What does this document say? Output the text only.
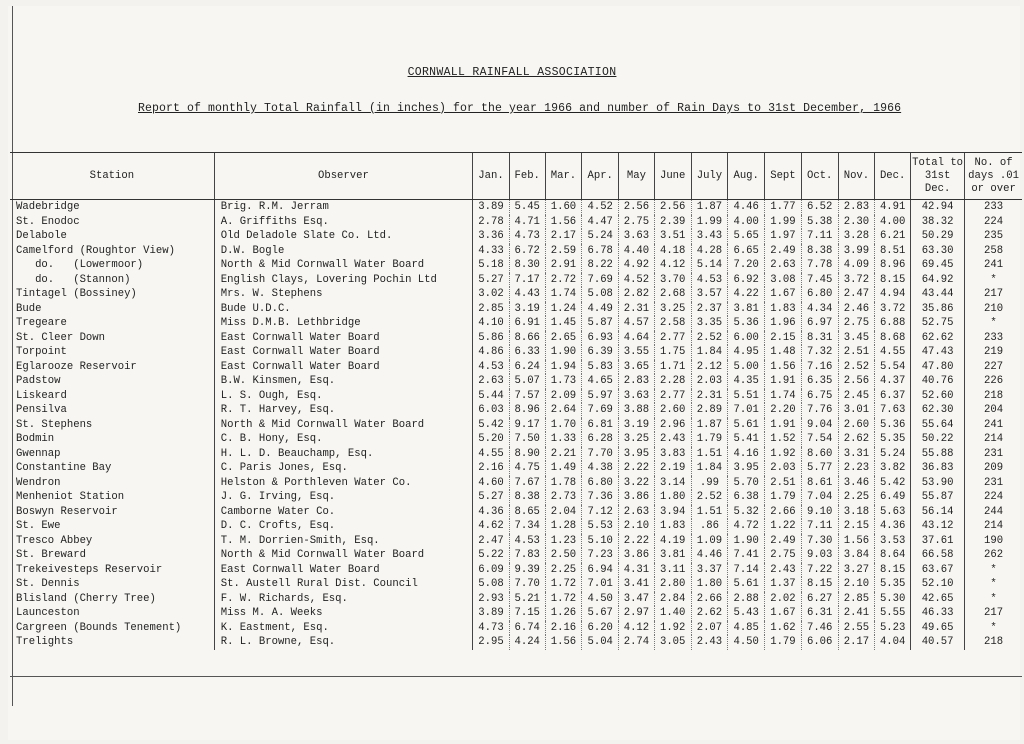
CORNWALL RAINFALL ASSOCIATION
Report of monthly Total Rainfall (in inches) for the year 1966 and number of Rain Days to 31st December, 1966
Station	Observer	Jan.	Feb.	Mar.	Apr.	May	June	July	Aug.	Sept	Oct.	Nov.	Dec.	Total to 31st Dec.	No. of days .01 or over
Wadebridge	Brig. R.M. Jerram	3.89	5.45	1.60	4.52	2.56	2.56	1.87	4.46	1.77	6.52	2.83	4.91	42.94	233
St. Enodoc	A. Griffiths Esq.	2.78	4.71	1.56	4.47	2.75	2.39	1.99	4.00	1.99	5.38	2.30	4.00	38.32	224
Delabole	Old Deladole Slate Co. Ltd.	3.36	4.73	2.17	5.24	3.63	3.51	3.43	5.65	1.97	7.11	3.28	6.21	50.29	235
Camelford (Roughtor View)	D.W. Bogle	4.33	6.72	2.59	6.78	4.40	4.18	4.28	6.65	2.49	8.38	3.99	8.51	63.30	258
do.   (Lowermoor)	North & Mid Cornwall Water Board	5.18	8.30	2.91	8.22	4.92	4.12	5.14	7.20	2.63	7.78	4.09	8.96	69.45	241
do.   (Stannon)	English Clays, Lovering Pochin Ltd	5.27	7.17	2.72	7.69	4.52	3.70	4.53	6.92	3.08	7.45	3.72	8.15	64.92	*
Tintagel (Bossiney)	Mrs. W. Stephens	3.02	4.43	1.74	5.08	2.82	2.68	3.57	4.22	1.67	6.80	2.47	4.94	43.44	217
Bude	Bude U.D.C.	2.85	3.19	1.24	4.49	2.31	3.25	2.37	3.81	1.83	4.34	2.46	3.72	35.86	210
Tregeare	Miss D.M.B. Lethbridge	4.10	6.91	1.45	5.87	4.57	2.58	3.35	5.36	1.96	6.97	2.75	6.88	52.75	*
St. Cleer Down	East Cornwall Water Board	5.86	8.66	2.65	6.93	4.64	2.77	2.52	6.00	2.15	8.31	3.45	8.68	62.62	233
Torpoint	East Cornwall Water Board	4.86	6.33	1.90	6.39	3.55	1.75	1.84	4.95	1.48	7.32	2.51	4.55	47.43	219
Eglarooze Reservoir	East Cornwall Water Board	4.53	6.24	1.94	5.83	3.65	1.71	2.12	5.00	1.56	7.16	2.52	5.54	47.80	227
Padstow	B.W. Kinsmen, Esq.	2.63	5.07	1.73	4.65	2.83	2.28	2.03	4.35	1.91	6.35	2.56	4.37	40.76	226
Liskeard	L. S. Ough, Esq.	5.44	7.57	2.09	5.97	3.63	2.77	2.31	5.51	1.74	6.75	2.45	6.37	52.60	218
Pensilva	R. T. Harvey, Esq.	6.03	8.96	2.64	7.69	3.88	2.60	2.89	7.01	2.20	7.76	3.01	7.63	62.30	204
St. Stephens	North & Mid Cornwall Water Board	5.42	9.17	1.70	6.81	3.19	2.96	1.87	5.61	1.91	9.04	2.60	5.36	55.64	241
Bodmin	C. B. Hony, Esq.	5.20	7.50	1.33	6.28	3.25	2.43	1.79	5.41	1.52	7.54	2.62	5.35	50.22	214
Gwennap	H. L. D. Beauchamp, Esq.	4.55	8.90	2.21	7.70	3.95	3.83	1.51	4.16	1.92	8.60	3.31	5.24	55.88	231
Constantine Bay	C. Paris Jones, Esq.	2.16	4.75	1.49	4.38	2.22	2.19	1.84	3.95	2.03	5.77	2.23	3.82	36.83	209
Wendron	Helston & Porthleven Water Co.	4.60	7.67	1.78	6.80	3.22	3.14	.99	5.70	2.51	8.61	3.46	5.42	53.90	231
Menheniot Station	J. G. Irving, Esq.	5.27	8.38	2.73	7.36	3.86	1.80	2.52	6.38	1.79	7.04	2.25	6.49	55.87	224
Boswyn Reservoir	Camborne Water Co.	4.36	8.65	2.04	7.12	2.63	3.94	1.51	5.32	2.66	9.10	3.18	5.63	56.14	244
St. Ewe	D. C. Crofts, Esq.	4.62	7.34	1.28	5.53	2.10	1.83	.86	4.72	1.22	7.11	2.15	4.36	43.12	214
Tresco Abbey	T. M. Dorrien-Smith, Esq.	2.47	4.53	1.23	5.10	2.22	4.19	1.09	1.90	2.49	7.30	1.56	3.53	37.61	190
St. Breward	North & Mid Cornwall Water Board	5.22	7.83	2.50	7.23	3.86	3.81	4.46	7.41	2.75	9.03	3.84	8.64	66.58	262
Trekeivesteps Reservoir	East Cornwall Water Board	6.09	9.39	2.25	6.94	4.31	3.11	3.37	7.14	2.43	7.22	3.27	8.15	63.67	*
St. Dennis	St. Austell Rural Dist. Council	5.08	7.70	1.72	7.01	3.41	2.80	1.80	5.61	1.37	8.15	2.10	5.35	52.10	*
Blisland (Cherry Tree)	F. W. Richards, Esq.	2.93	5.21	1.72	4.50	3.47	2.84	2.66	2.88	2.02	6.27	2.85	5.30	42.65	*
Launceston	Miss M. A. Weeks	3.89	7.15	1.26	5.67	2.97	1.40	2.62	5.43	1.67	6.31	2.41	5.55	46.33	217
Cargreen (Bounds Tenement)	K. Eastment, Esq.	4.73	6.74	2.16	6.20	4.12	1.92	2.07	4.85	1.62	7.46	2.55	5.23	49.65	*
Trelights	R. L. Browne, Esq.	2.95	4.24	1.56	5.04	2.74	3.05	2.43	4.50	1.79	6.06	2.17	4.04	40.57	218
